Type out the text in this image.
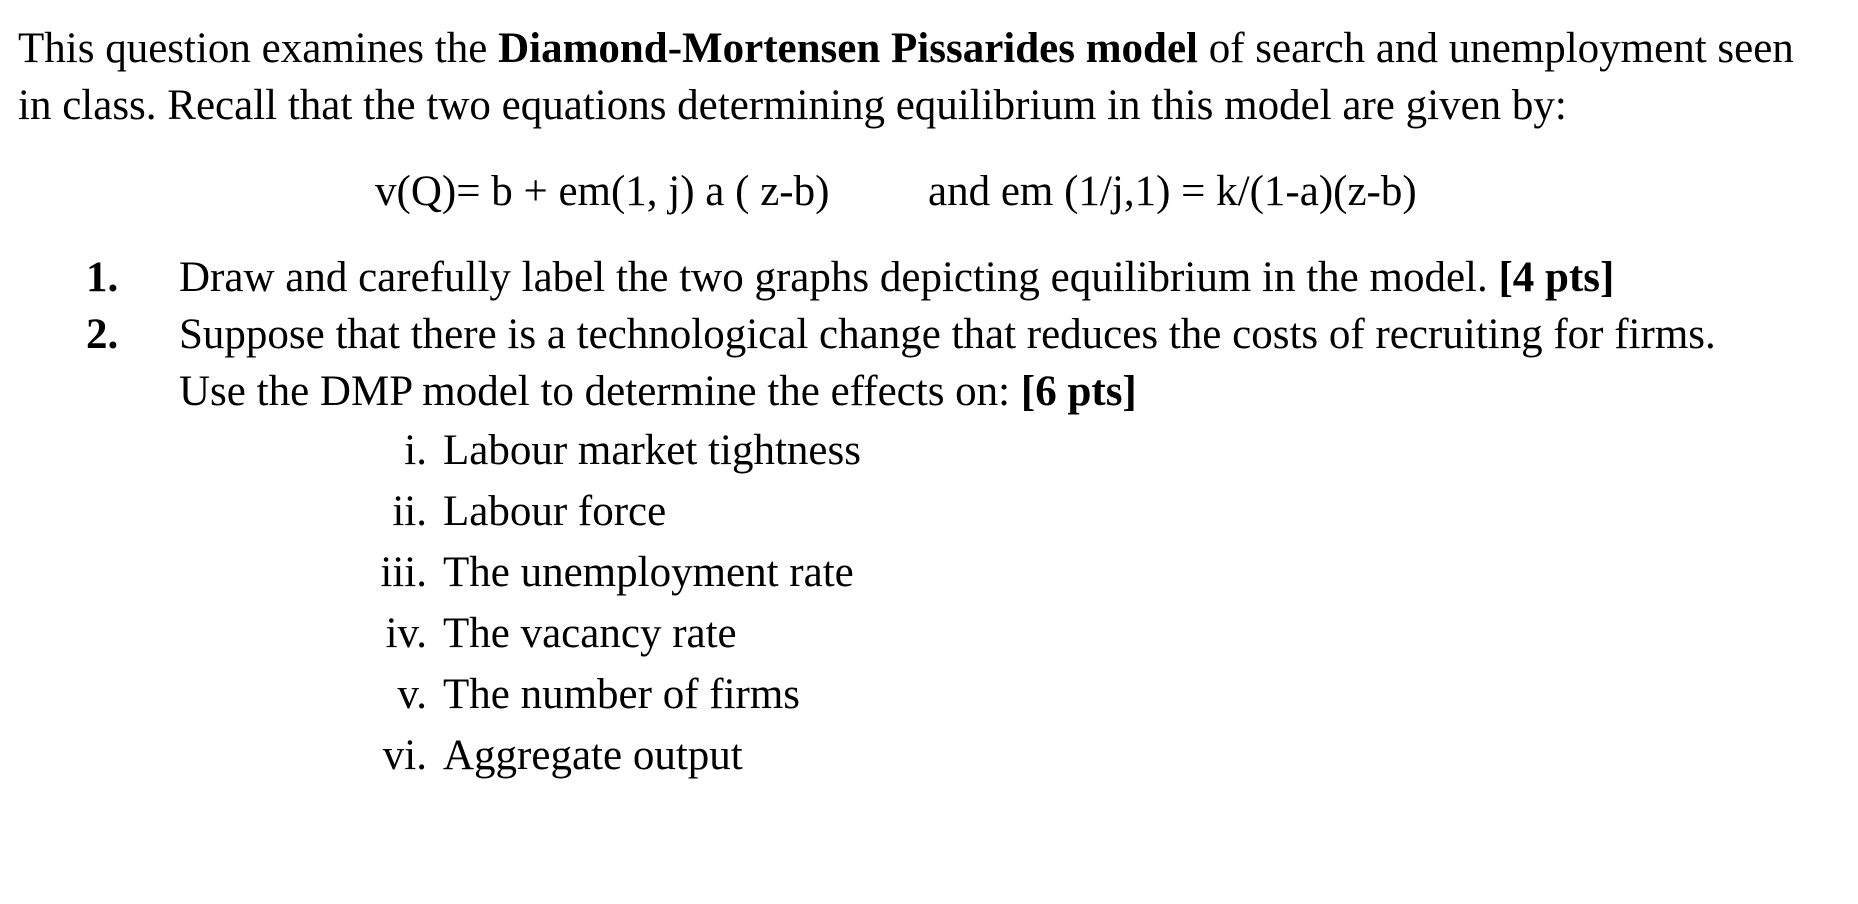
This question examines the Diamond-Mortensen Pissarides model of search and unemployment seen in class. Recall that the two equations determining equilibrium in this model are given by:

v(Q)= b + em(1, j) a ( z-b) and em (1/j,1) = k/(1-a)(z-b)
1. Draw and carefully label the two graphs depicting equilibrium in the model. [4 pts]
2. Suppose that there is a technological change that reduces the costs of recruiting for firms. Use the DMP model to determine the effects on: [6 pts]
i. Labour market tightness
ii. Labour force
iii. The unemployment rate
iv. The vacancy rate
v. The number of firms
vi. Aggregate output
